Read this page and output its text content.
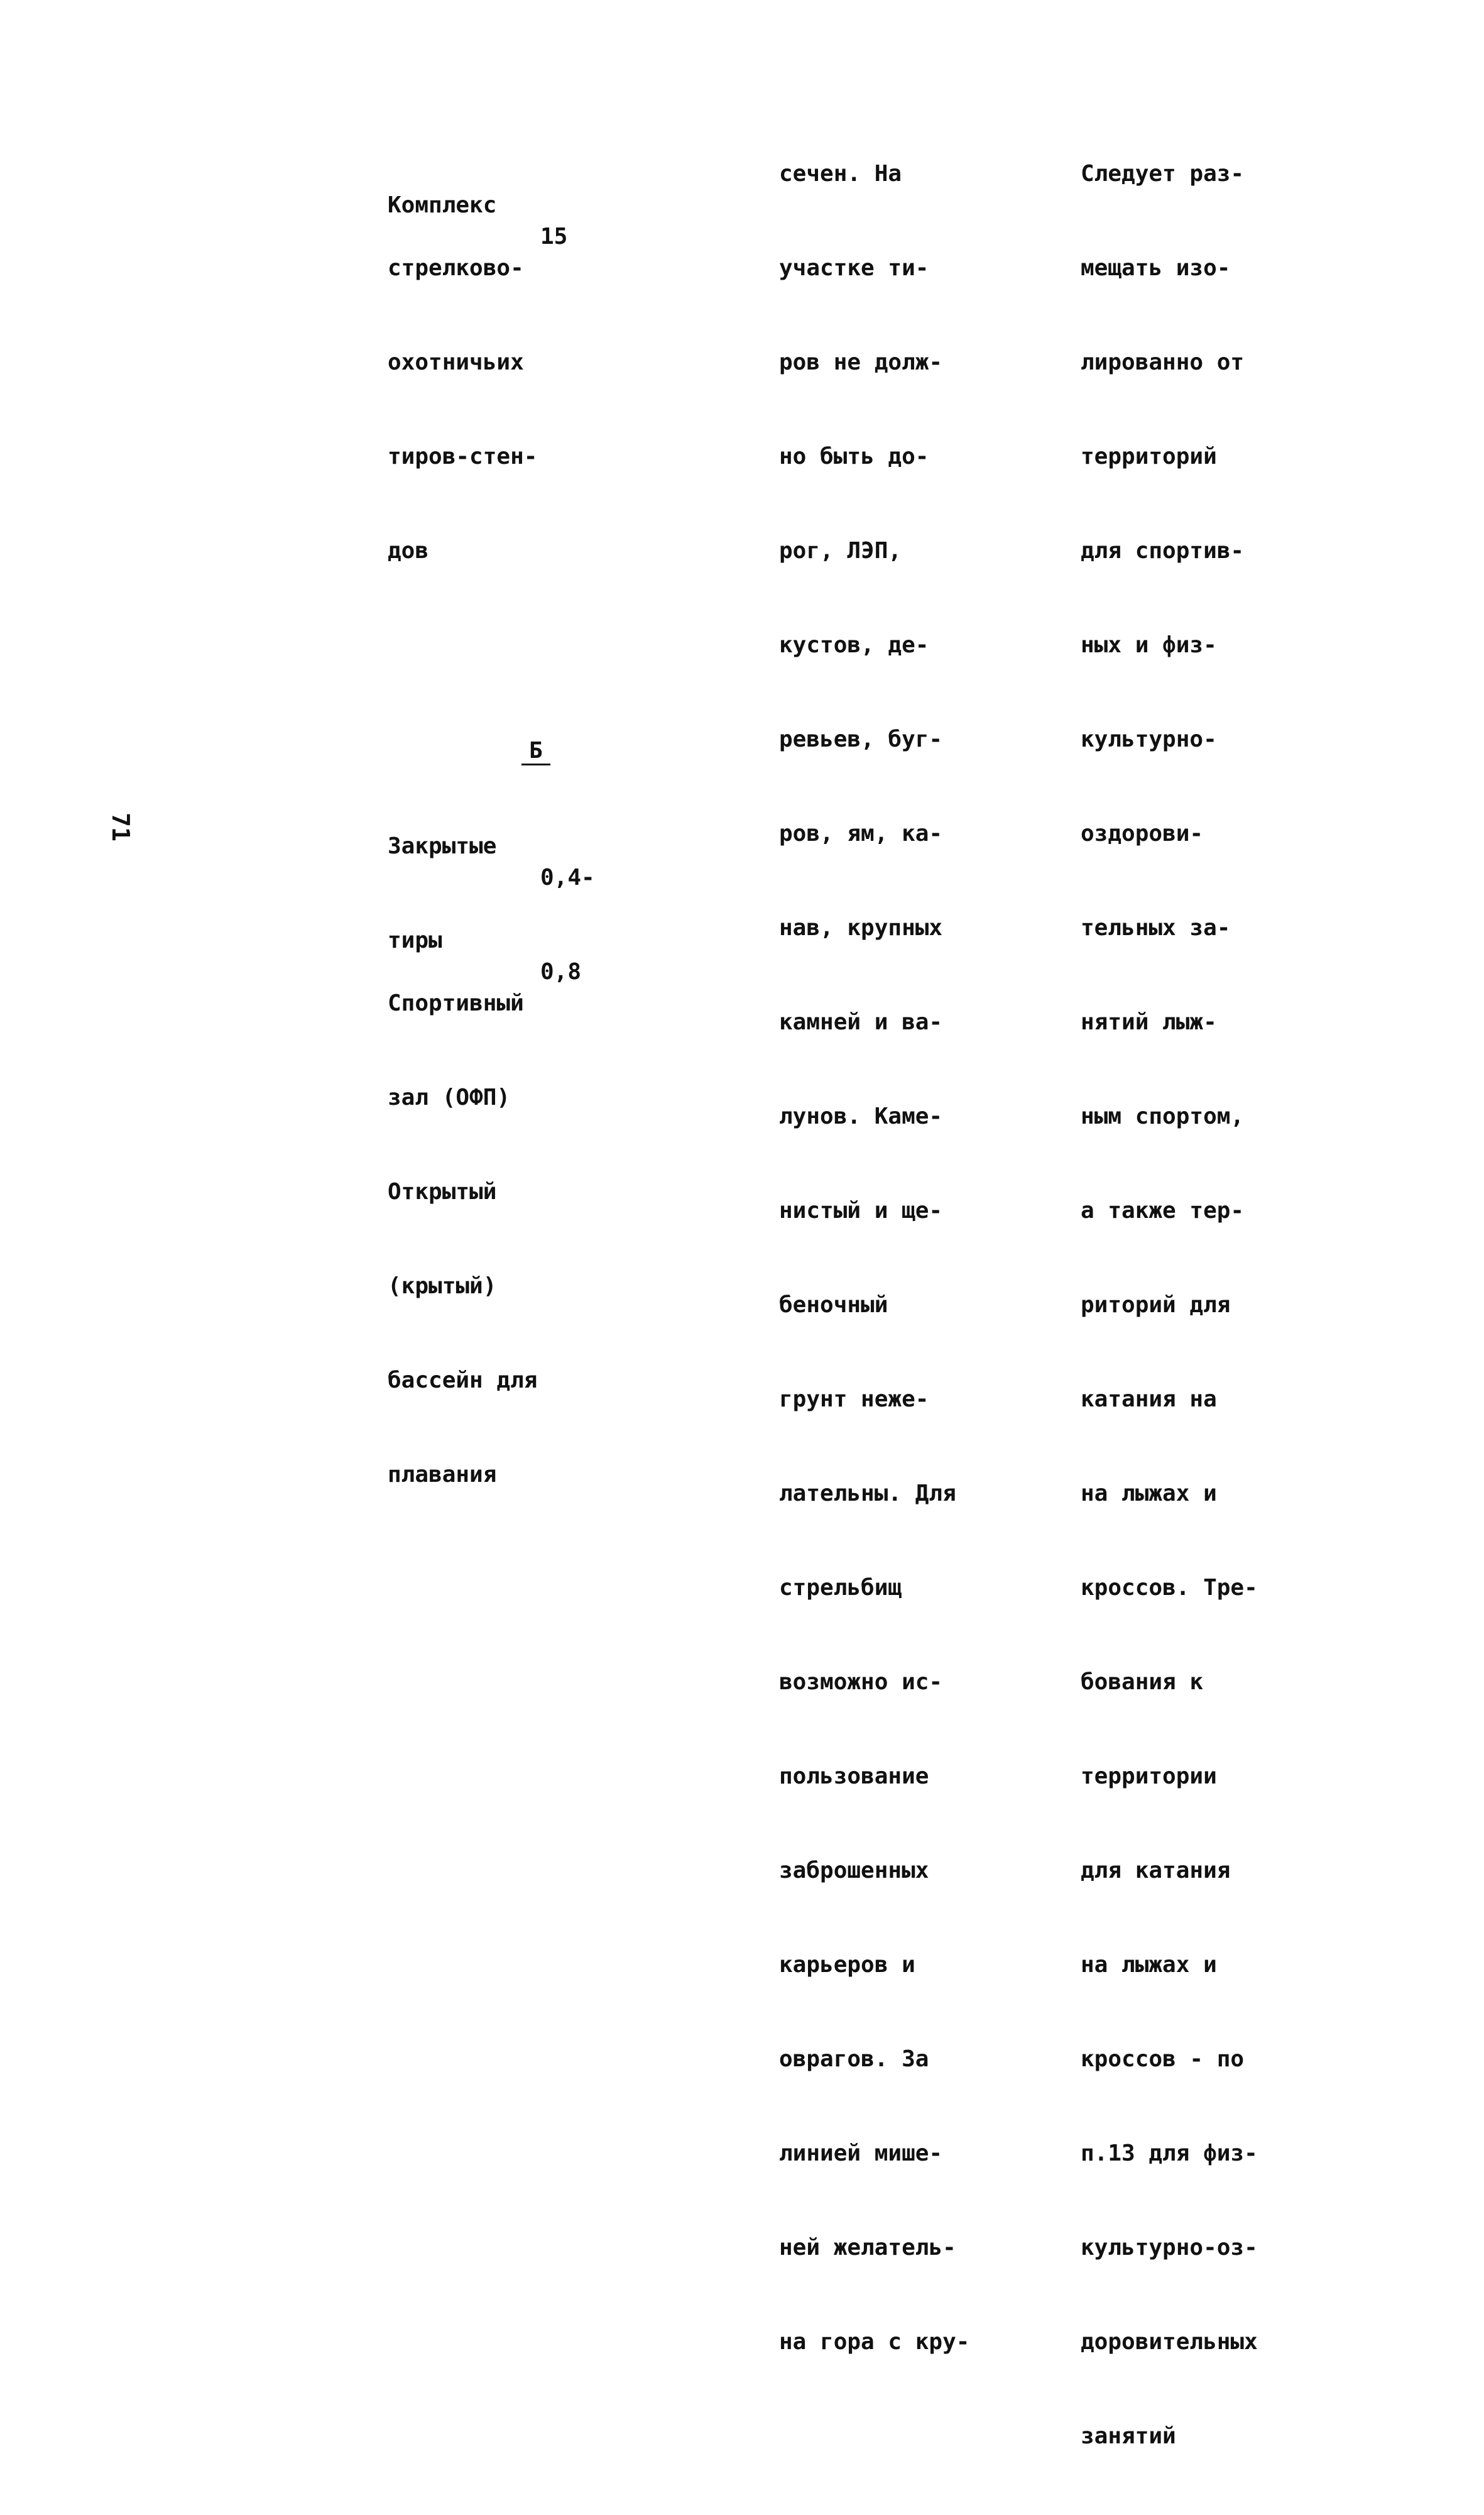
Комплекс

15

стрелково-

охотничьих

тиров-стен-

дов

Б

Закрытые

0,4-

тиры

0,8

Спортивный

зал (ОФП)

Открытый

(крытый)

бассейн для

плавания

сечен. На

участке ти-

ров не долж-

но быть до-

рог, ЛЭП,

кустов, де-

ревьев, буг-

ров, ям, ка-

нав, крупных

камней и ва-

лунов. Каме-

нистый и ще-

беночный

грунт неже-

лательны. Для

стрельбищ

возможно ис-

пользование

заброшенных

карьеров и

оврагов. За

линией мише-

ней желатель-

на гора с кру-

Следует раз-

мещать изо-

лированно от

территорий

для спортив-

ных и физ-

культурно-

оздорови-

тельных за-

нятий лыж-

ным спортом,

а также тер-

риторий для

катания на

на лыжах и

кроссов. Тре-

бования к

территории

для катания

на лыжах и

кроссов - по

п.13 для физ-

культурно-оз-

доровительных

занятий

71
